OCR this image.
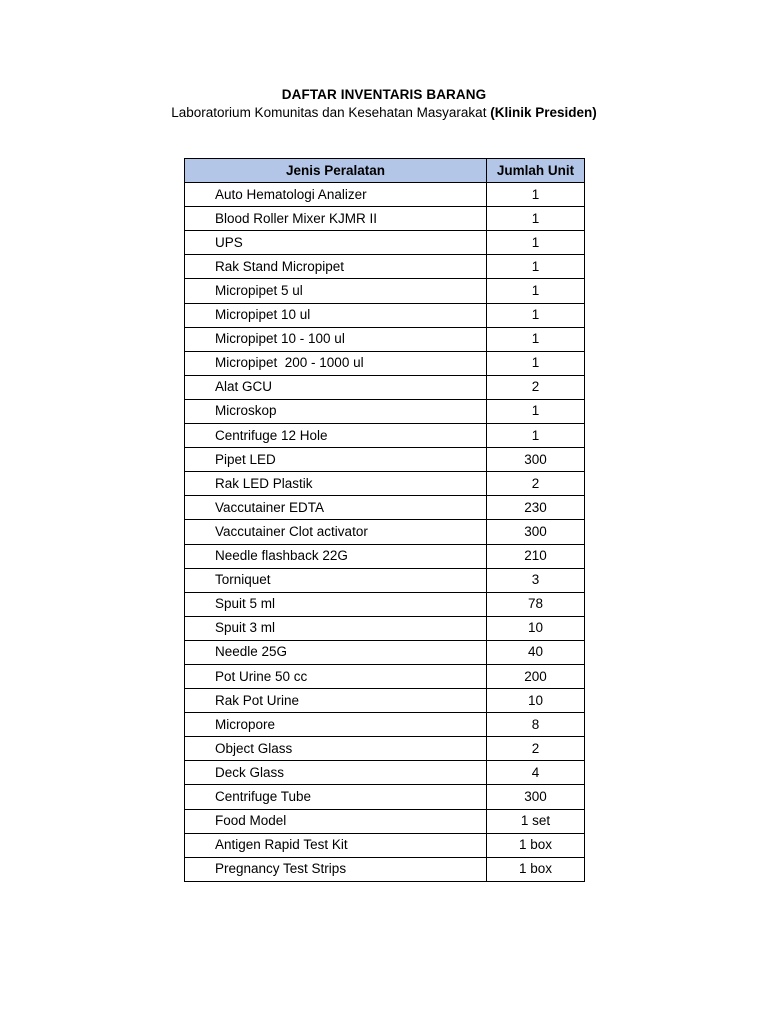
DAFTAR INVENTARIS BARANG
Laboratorium Komunitas dan Kesehatan Masyarakat (Klinik Presiden)
Jenis Peralatan	Jumlah Unit
Auto Hematologi Analizer	1
Blood Roller Mixer KJMR II	1
UPS	1
Rak Stand Micropipet	1
Micropipet 5 ul	1
Micropipet 10 ul	1
Micropipet 10 - 100 ul	1
Micropipet  200 - 1000 ul	1
Alat GCU	2
Microskop	1
Centrifuge 12 Hole	1
Pipet LED	300
Rak LED Plastik	2
Vaccutainer EDTA	230
Vaccutainer Clot activator	300
Needle flashback 22G	210
Torniquet	3
Spuit 5 ml	78
Spuit 3 ml	10
Needle 25G	40
Pot Urine 50 cc	200
Rak Pot Urine	10
Micropore	8
Object Glass	2
Deck Glass	4
Centrifuge Tube	300
Food Model	1 set
Antigen Rapid Test Kit	1 box
Pregnancy Test Strips	1 box
